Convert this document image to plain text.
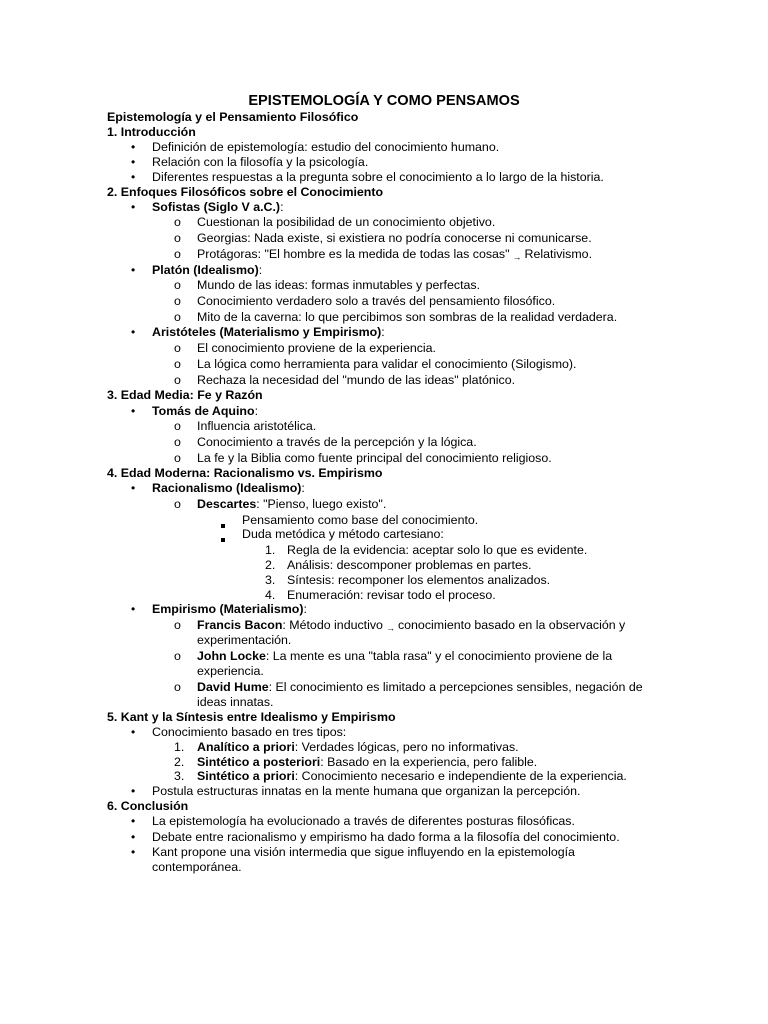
EPISTEMOLOGÍA Y COMO PENSAMOS
Epistemología y el Pensamiento Filosófico
1. Introducción
• Definición de epistemología: estudio del conocimiento humano.
• Relación con la filosofía y la psicología.
• Diferentes respuestas a la pregunta sobre el conocimiento a lo largo de la historia.
2. Enfoques Filosóficos sobre el Conocimiento
• Sofistas (Siglo V a.C.):
o Cuestionan la posibilidad de un conocimiento objetivo.
o Georgias: Nada existe, si existiera no podría conocerse ni comunicarse.
o Protágoras: "El hombre es la medida de todas las cosas" → Relativismo.
• Platón (Idealismo):
o Mundo de las ideas: formas inmutables y perfectas.
o Conocimiento verdadero solo a través del pensamiento filosófico.
o Mito de la caverna: lo que percibimos son sombras de la realidad verdadera.
• Aristóteles (Materialismo y Empirismo):
o El conocimiento proviene de la experiencia.
o La lógica como herramienta para validar el conocimiento (Silogismo).
o Rechaza la necesidad del "mundo de las ideas" platónico.
3. Edad Media: Fe y Razón
• Tomás de Aquino:
o Influencia aristotélica.
o Conocimiento a través de la percepción y la lógica.
o La fe y la Biblia como fuente principal del conocimiento religioso.
4. Edad Moderna: Racionalismo vs. Empirismo
• Racionalismo (Idealismo):
o Descartes: "Pienso, luego existo".
Pensamiento como base del conocimiento.
Duda metódica y método cartesiano:
1. Regla de la evidencia: aceptar solo lo que es evidente.
2. Análisis: descomponer problemas en partes.
3. Síntesis: recomponer los elementos analizados.
4. Enumeración: revisar todo el proceso.
• Empirismo (Materialismo):
o Francis Bacon: Método inductivo → conocimiento basado en la observación y
experimentación.
o John Locke: La mente es una "tabla rasa" y el conocimiento proviene de la
experiencia.
o David Hume: El conocimiento es limitado a percepciones sensibles, negación de
ideas innatas.
5. Kant y la Síntesis entre Idealismo y Empirismo
• Conocimiento basado en tres tipos:
1. Analítico a priori: Verdades lógicas, pero no informativas.
2. Sintético a posteriori: Basado en la experiencia, pero falible.
3. Sintético a priori: Conocimiento necesario e independiente de la experiencia.
• Postula estructuras innatas en la mente humana que organizan la percepción.
6. Conclusión
• La epistemología ha evolucionado a través de diferentes posturas filosóficas.
• Debate entre racionalismo y empirismo ha dado forma a la filosofía del conocimiento.
• Kant propone una visión intermedia que sigue influyendo en la epistemología
contemporánea.
